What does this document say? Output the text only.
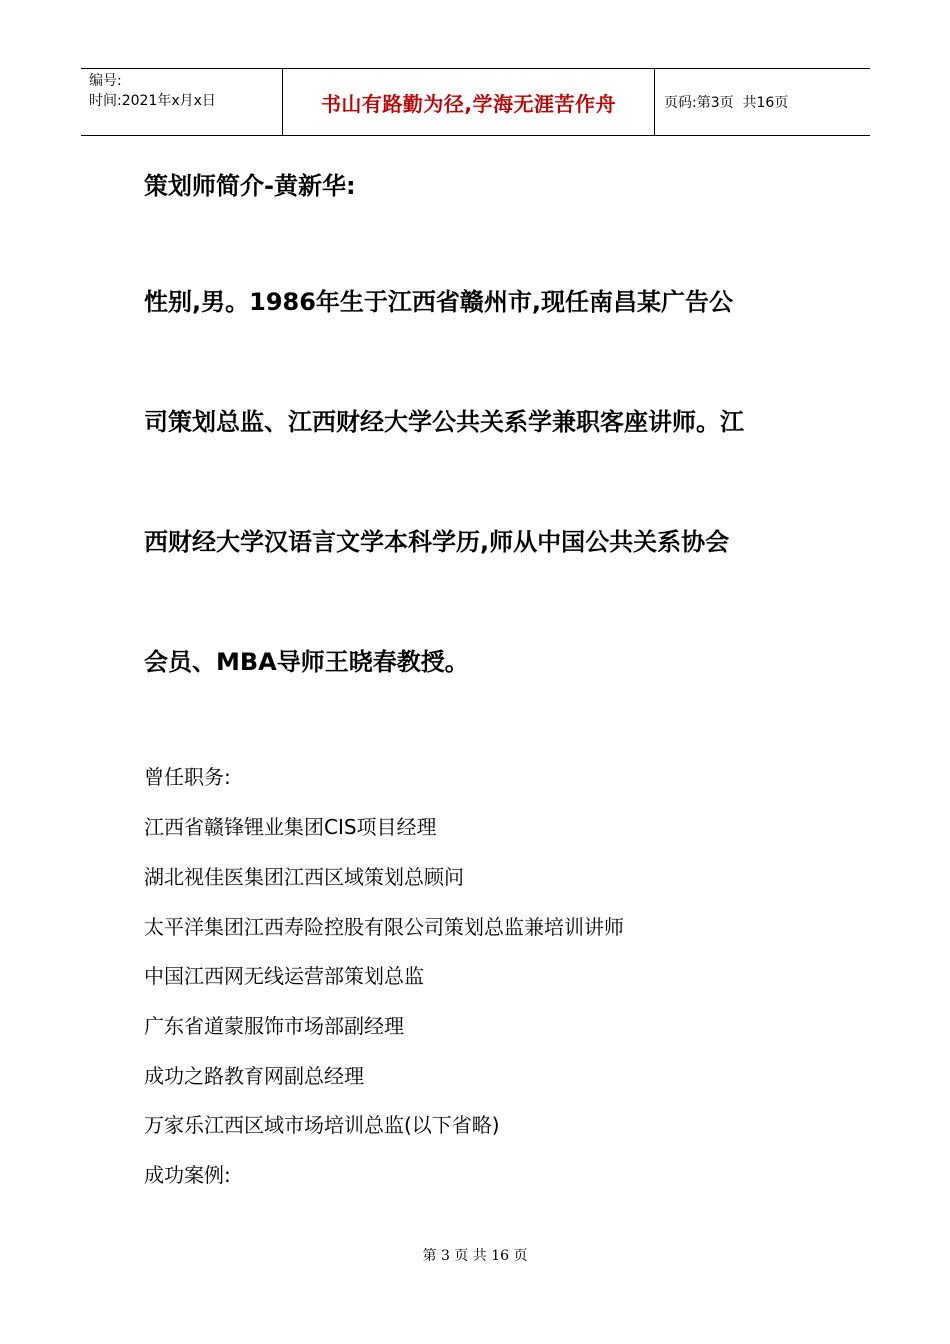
编号:
时间:2021年x月x日	书山有路勤为径,学海无涯苦作舟	页码:第3页  共16页
策划师简介-黄新华:
性别,男。1986年生于江西省赣州市,现任南昌某广告公
司策划总监、江西财经大学公共关系学兼职客座讲师。江
西财经大学汉语言文学本科学历,师从中国公共关系协会
会员、MBA导师王晓春教授。
曾任职务:
江西省赣锋锂业集团CIS项目经理
湖北视佳医集团江西区域策划总顾问
太平洋集团江西寿险控股有限公司策划总监兼培训讲师
中国江西网无线运营部策划总监
广东省道蒙服饰市场部副经理
成功之路教育网副总经理
万家乐江西区域市场培训总监(以下省略)
成功案例:
第 3 页 共 16 页
